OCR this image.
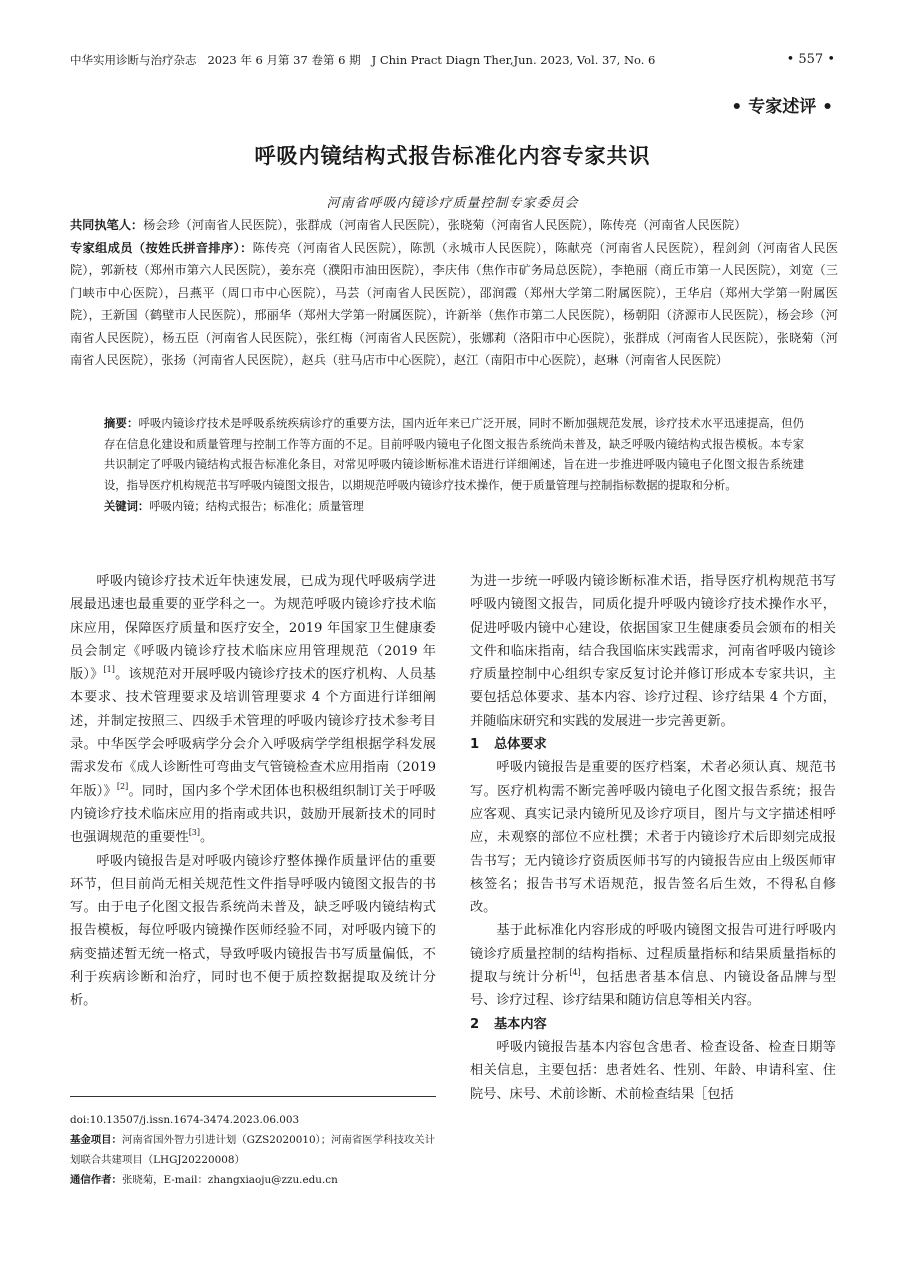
中华实用诊断与治疗杂志 2023 年 6 月第 37 卷第 6 期 J Chin Pract Diagn Ther,Jun. 2023, Vol. 37, No. 6	• 557 •
• 专家述评 •
呼吸内镜结构式报告标准化内容专家共识
河南省呼吸内镜诊疗质量控制专家委员会

共同执笔人：杨会珍（河南省人民医院），张群成（河南省人民医院），张晓菊（河南省人民医院），陈传亮（河南省人民医院）

专家组成员（按姓氏拼音排序）：陈传亮（河南省人民医院），陈凯（永城市人民医院），陈献亮（河南省人民医院），程剑剑（河南省人民医院），郭新枝（郑州市第六人民医院），姜东亮（濮阳市油田医院），李庆伟（焦作市矿务局总医院），李艳丽（商丘市第一人民医院），刘宽（三门峡市中心医院），吕燕平（周口市中心医院），马芸（河南省人民医院），邵润霞（郑州大学第二附属医院），王华启（郑州大学第一附属医院），王新国（鹤壁市人民医院），邢丽华（郑州大学第一附属医院），许新举（焦作市第二人民医院），杨朝阳（济源市人民医院），杨会珍（河南省人民医院），杨五臣（河南省人民医院），张红梅（河南省人民医院），张娜莉（洛阳市中心医院），张群成（河南省人民医院），张晓菊（河南省人民医院），张扬（河南省人民医院），赵兵（驻马店市中心医院），赵江（南阳市中心医院），赵琳（河南省人民医院）

摘要：呼吸内镜诊疗技术是呼吸系统疾病诊疗的重要方法，国内近年来已广泛开展，同时不断加强规范发展，诊疗技术水平迅速提高，但仍存在信息化建设和质量管理与控制工作等方面的不足。目前呼吸内镜电子化图文报告系统尚未普及，缺乏呼吸内镜结构式报告模板。本专家共识制定了呼吸内镜结构式报告标准化条目，对常见呼吸内镜诊断标准术语进行详细阐述，旨在进一步推进呼吸内镜电子化图文报告系统建设，指导医疗机构规范书写呼吸内镜图文报告，以期规范呼吸内镜诊疗技术操作，便于质量管理与控制指标数据的提取和分析。

关键词：呼吸内镜；结构式报告；标准化；质量管理

呼吸内镜诊疗技术近年快速发展，已成为现代呼吸病学进展最迅速也最重要的亚学科之一。为规范呼吸内镜诊疗技术临床应用，保障医疗质量和医疗安全，2019 年国家卫生健康委员会制定《呼吸内镜诊疗技术临床应用管理规范（2019 年版）》[1]。该规范对开展呼吸内镜诊疗技术的医疗机构、人员基本要求、技术管理要求及培训管理要求 4 个方面进行详细阐述，并制定按照三、四级手术管理的呼吸内镜诊疗技术参考目录。中华医学会呼吸病学分会介入呼吸病学学组根据学科发展需求发布《成人诊断性可弯曲支气管镜检查术应用指南（2019 年版）》[2]。同时，国内多个学术团体也积极组织制订关于呼吸内镜诊疗技术临床应用的指南或共识，鼓励开展新技术的同时也强调规范的重要性[3]。

呼吸内镜报告是对呼吸内镜诊疗整体操作质量评估的重要环节，但目前尚无相关规范性文件指导呼吸内镜图文报告的书写。由于电子化图文报告系统尚未普及，缺乏呼吸内镜结构式报告模板，每位呼吸内镜操作医师经验不同，对呼吸内镜下的病变描述暂无统一格式，导致呼吸内镜报告书写质量偏低，不利于疾病诊断和治疗，同时也不便于质控数据提取及统计分析。

为进一步统一呼吸内镜诊断标准术语，指导医疗机构规范书写呼吸内镜图文报告，同质化提升呼吸内镜诊疗技术操作水平，促进呼吸内镜中心建设，依据国家卫生健康委员会颁布的相关文件和临床指南，结合我国临床实践需求，河南省呼吸内镜诊疗质量控制中心组织专家反复讨论并修订形成本专家共识，主要包括总体要求、基本内容、诊疗过程、诊疗结果 4 个方面，并随临床研究和实践的发展进一步完善更新。

1 总体要求

呼吸内镜报告是重要的医疗档案，术者必须认真、规范书写。医疗机构需不断完善呼吸内镜电子化图文报告系统；报告应客观、真实记录内镜所见及诊疗项目，图片与文字描述相呼应，未观察的部位不应杜撰；术者于内镜诊疗术后即刻完成报告书写；无内镜诊疗资质医师书写的内镜报告应由上级医师审核签名；报告书写术语规范，报告签名后生效，不得私自修改。

基于此标准化内容形成的呼吸内镜图文报告可进行呼吸内镜诊疗质量控制的结构指标、过程质量指标和结果质量指标的提取与统计分析[4]，包括患者基本信息、内镜设备品牌与型号、诊疗过程、诊疗结果和随访信息等相关内容。

2 基本内容

呼吸内镜报告基本内容包含患者、检查设备、检查日期等相关信息，主要包括：患者姓名、性别、年龄、申请科室、住院号、床号、术前诊断、术前检查结果［包括

doi:10.13507/j.issn.1674-3474.2023.06.003

基金项目：河南省国外智力引进计划（GZS2020010）；河南省医学科技攻关计划联合共建项目（LHGJ20220008）

通信作者：张晓菊，E-mail：zhangxiaoju@zzu.edu.cn
